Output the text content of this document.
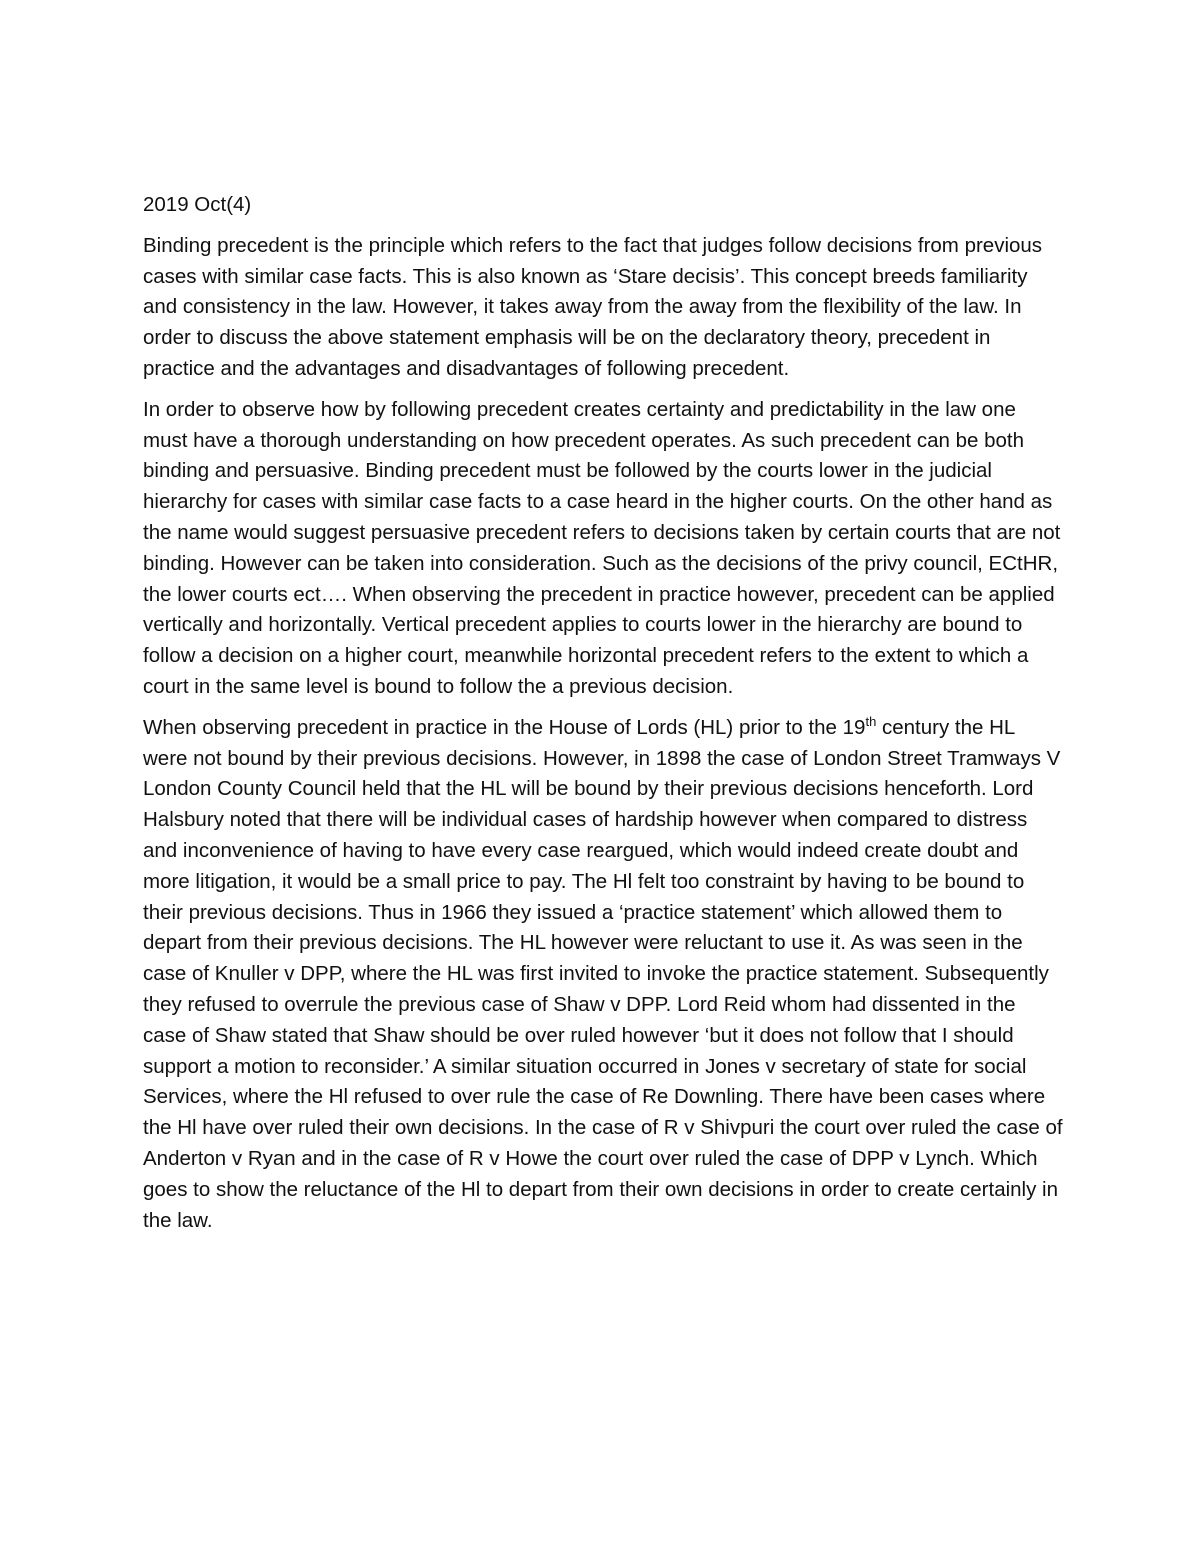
2019 Oct(4)

Binding precedent is the principle which refers to the fact that judges follow decisions from previous cases with similar case facts. This is also known as ‘Stare decisis’. This concept breeds familiarity and consistency in the law. However, it takes away from the away from the flexibility of the law. In order to discuss the above statement emphasis will be on the declaratory theory, precedent in practice and the advantages and disadvantages of following precedent.

In order to observe how by following precedent creates certainty and predictability in the law one must have a thorough understanding on how precedent operates. As such precedent can be both binding and persuasive. Binding precedent must be followed by the courts lower in the judicial hierarchy for cases with similar case facts to a case heard in the higher courts. On the other hand as the name would suggest persuasive precedent refers to decisions taken by certain courts that are not binding. However can be taken into consideration. Such as the decisions of the privy council, ECtHR, the lower courts ect…. When observing the precedent in practice however, precedent can be applied vertically and horizontally. Vertical precedent applies to courts lower in the hierarchy are bound to follow a decision on a higher court, meanwhile horizontal precedent refers to the extent to which a court in the same level is bound to follow the a previous decision.

When observing precedent in practice in the House of Lords (HL) prior to the 19th century the HL were not bound by their previous decisions. However, in 1898 the case of London Street Tramways V London County Council held that the HL will be bound by their previous decisions henceforth. Lord Halsbury noted that there will be individual cases of hardship however when compared to distress and inconvenience of having to have every case reargued, which would indeed create doubt and more litigation, it would be a small price to pay. The Hl felt too constraint by having to be bound to their previous decisions. Thus in 1966 they issued a ‘practice statement’ which allowed them to depart from their previous decisions. The HL however were reluctant to use it. As was seen in the case of Knuller v DPP, where the HL was first invited to invoke the practice statement. Subsequently they refused to overrule the previous case of Shaw v DPP. Lord Reid whom had dissented in the case of Shaw stated that Shaw should be over ruled however ‘but it does not follow that I should support a motion to reconsider.’ A similar situation occurred in Jones v secretary of state for social Services, where the Hl refused to over rule the case of Re Downling. There have been cases where the Hl have over ruled their own decisions. In the case of R v Shivpuri the court over ruled the case of Anderton v Ryan and in the case of R v Howe the court over ruled the case of DPP v Lynch. Which goes to show the reluctance of the Hl to depart from their own decisions in order to create certainly in the law.
